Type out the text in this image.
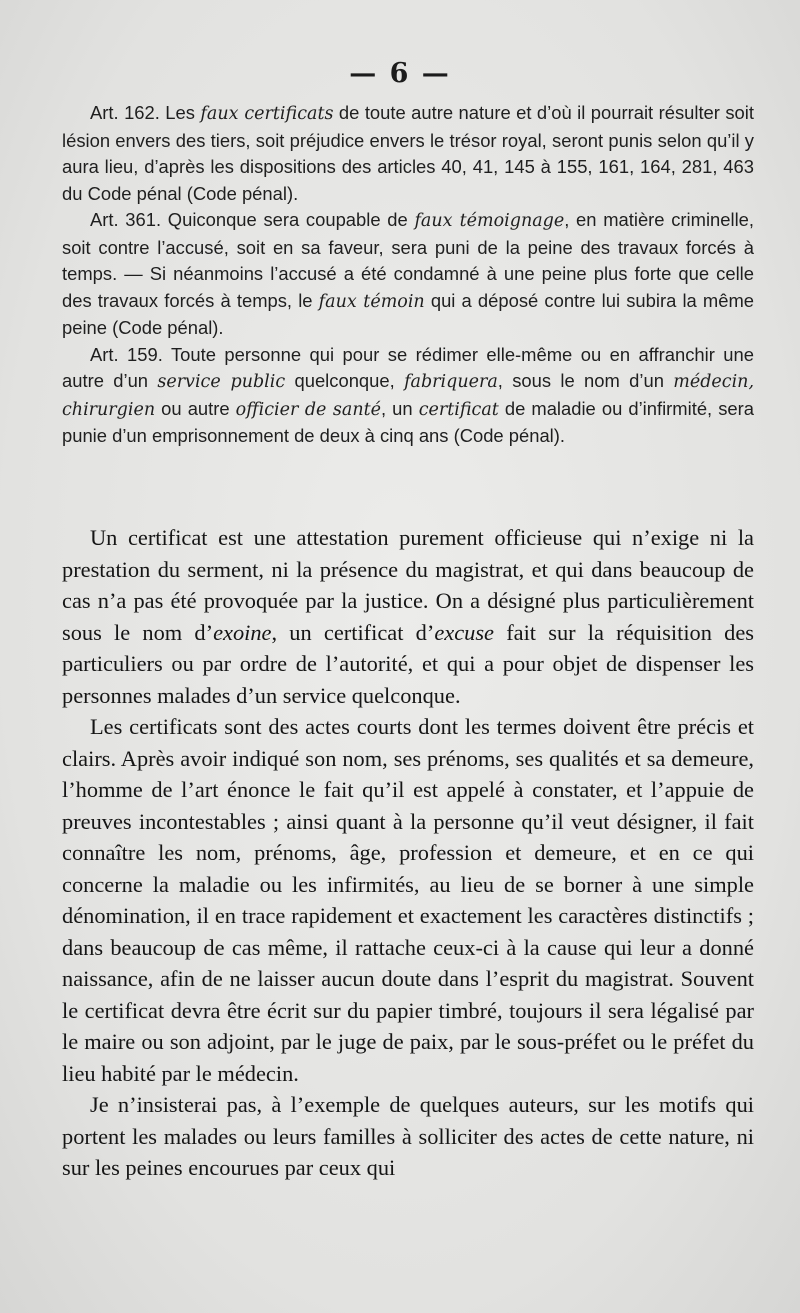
— 6 —

Art. 162. Les faux certificats de toute autre nature et d’où il pourrait résulter soit lésion envers des tiers, soit préjudice envers le trésor royal, seront punis selon qu’il y aura lieu, d’après les dispositions des articles 40, 41, 145 à 155, 161, 164, 281, 463 du Code pénal (Code pénal).

Art. 361. Quiconque sera coupable de faux témoignage, en matière criminelle, soit contre l’accusé, soit en sa faveur, sera puni de la peine des travaux forcés à temps. — Si néanmoins l’accusé a été condamné à une peine plus forte que celle des travaux forcés à temps, le faux témoin qui a déposé contre lui subira la même peine (Code pénal).

Art. 159. Toute personne qui pour se rédimer elle-même ou en affranchir une autre d’un service public quelconque, fabriquera, sous le nom d’un médecin, chirurgien ou autre officier de santé, un certificat de maladie ou d’infirmité, sera punie d’un emprisonnement de deux à cinq ans (Code pénal).

Un certificat est une attestation purement officieuse qui n’exige ni la prestation du serment, ni la présence du magistrat, et qui dans beaucoup de cas n’a pas été provoquée par la justice. On a désigné plus particulièrement sous le nom d’exoine, un certificat d’excuse fait sur la réquisition des particuliers ou par ordre de l’autorité, et qui a pour objet de dispenser les personnes malades d’un service quelconque.

Les certificats sont des actes courts dont les termes doivent être précis et clairs. Après avoir indiqué son nom, ses prénoms, ses qualités et sa demeure, l’homme de l’art énonce le fait qu’il est appelé à constater, et l’appuie de preuves incontestables ; ainsi quant à la personne qu’il veut désigner, il fait connaître les nom, prénoms, âge, profession et demeure, et en ce qui concerne la maladie ou les infirmités, au lieu de se borner à une simple dénomination, il en trace rapidement et exactement les caractères distinctifs ; dans beaucoup de cas même, il rattache ceux-ci à la cause qui leur a donné naissance, afin de ne laisser aucun doute dans l’esprit du magistrat. Souvent le certificat devra être écrit sur du papier timbré, toujours il sera légalisé par le maire ou son adjoint, par le juge de paix, par le sous-préfet ou le préfet du lieu habité par le médecin.

Je n’insisterai pas, à l’exemple de quelques auteurs, sur les motifs qui portent les malades ou leurs familles à solliciter des actes de cette nature, ni sur les peines encourues par ceux qui
